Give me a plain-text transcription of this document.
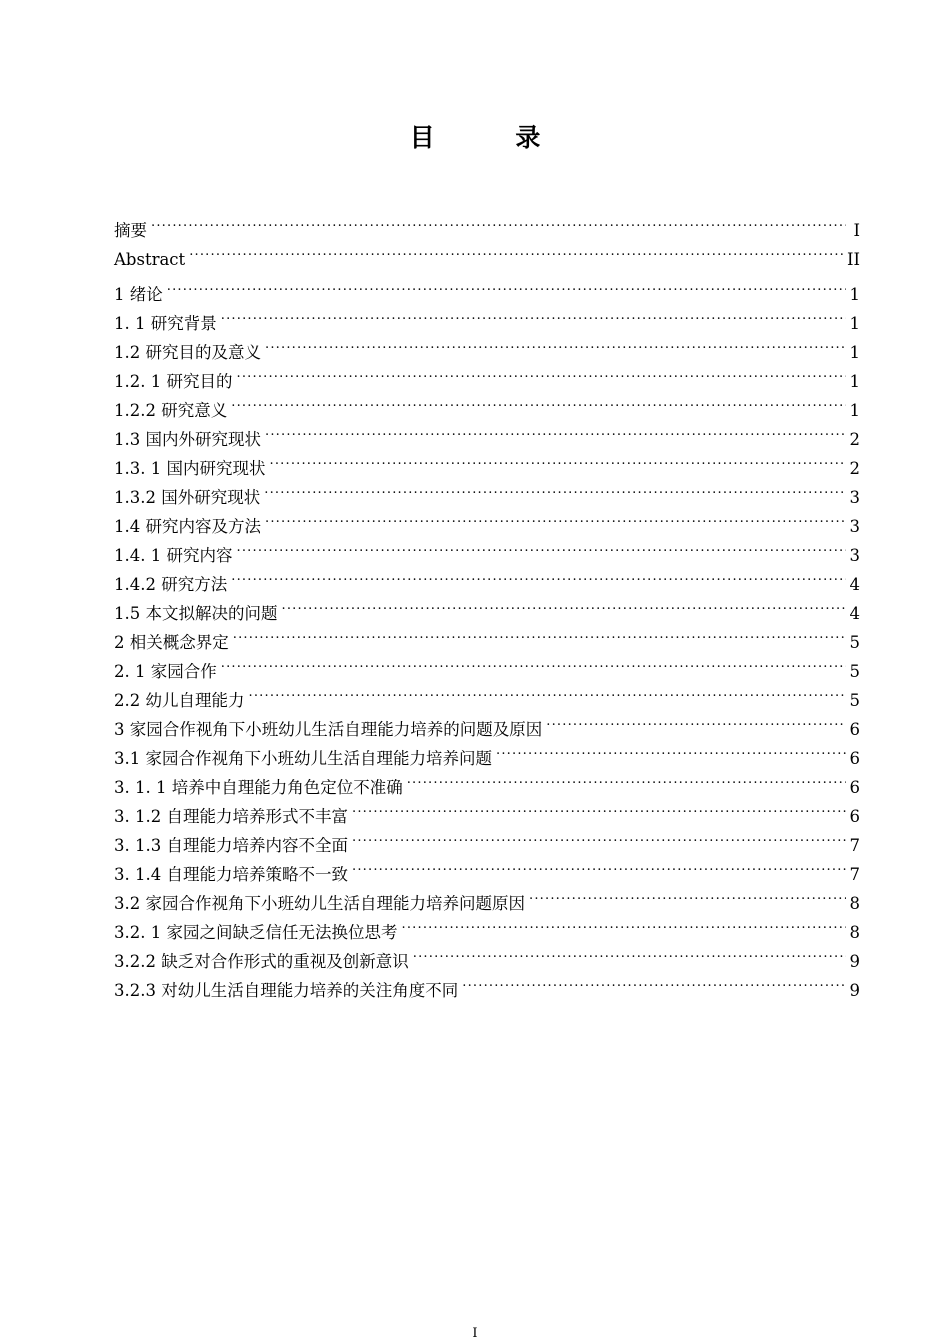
目 录
摘要 .....	I
Abstract .....	II
1 绪论 .....	1
1. 1 研究背景 .....	1
1.2 研究目的及意义 .....	1
1.2. 1 研究目的 .....	1
1.2.2 研究意义 .....	1
1.3 国内外研究现状 .....	2
1.3. 1 国内研究现状 .....	2
1.3.2 国外研究现状 .....	3
1.4 研究内容及方法 .....	3
1.4. 1 研究内容 .....	3
1.4.2 研究方法 .....	4
1.5 本文拟解决的问题 .....	4
2 相关概念界定 .....	5
2. 1 家园合作 .....	5
2.2 幼儿自理能力 .....	5
3 家园合作视角下小班幼儿生活自理能力培养的问题及原因 .....	6
3.1 家园合作视角下小班幼儿生活自理能力培养问题 .....	6
3. 1. 1 培养中自理能力角色定位不准确 .....	6
3. 1.2 自理能力培养形式不丰富 .....	6
3. 1.3 自理能力培养内容不全面 .....	7
3. 1.4 自理能力培养策略不一致 .....	7
3.2 家园合作视角下小班幼儿生活自理能力培养问题原因 .....	8
3.2. 1 家园之间缺乏信任无法换位思考 .....	8
3.2.2 缺乏对合作形式的重视及创新意识 .....	9
3.2.3 对幼儿生活自理能力培养的关注角度不同 .....	9
I
